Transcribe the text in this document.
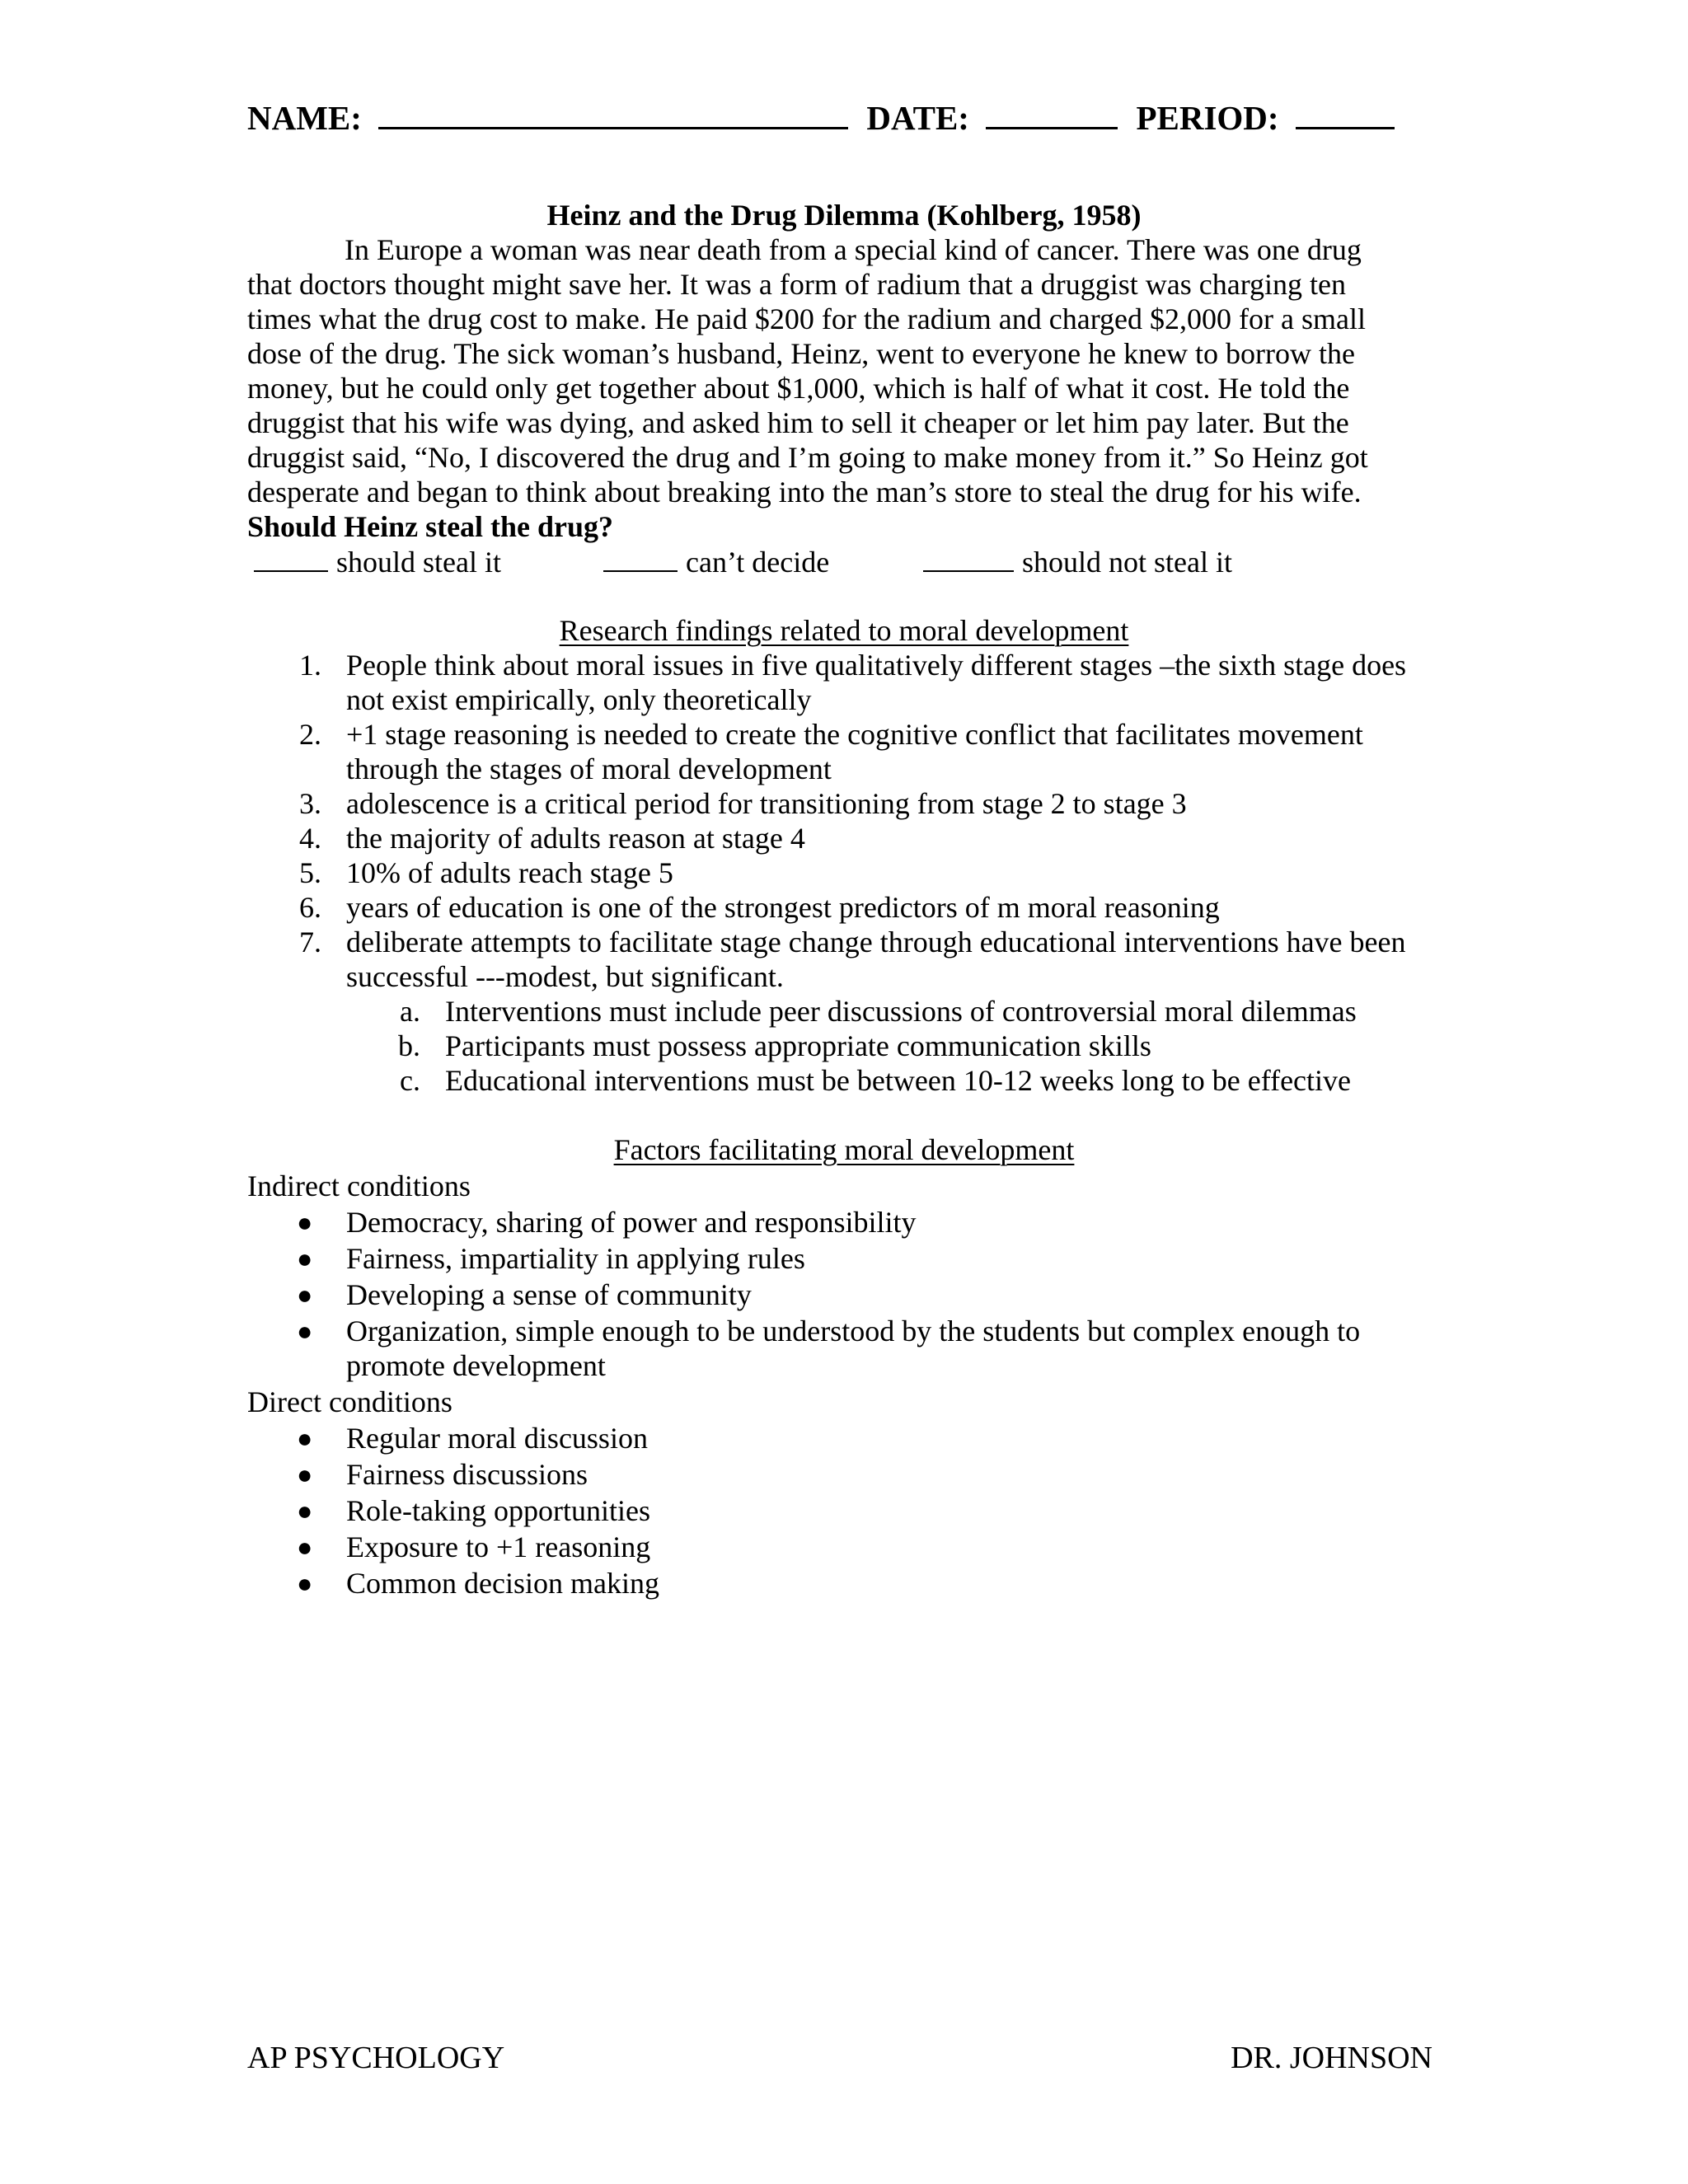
NAME:	DATE:	PERIOD:
Heinz and the Drug Dilemma (Kohlberg, 1958)
In Europe a woman was near death from a special kind of cancer. There was one drug
that doctors thought might save her. It was a form of radium that a druggist was charging ten
times what the drug cost to make. He paid $200 for the radium and charged $2,000 for a small
dose of the drug. The sick woman’s husband, Heinz, went to everyone he knew to borrow the
money, but he could only get together about $1,000, which is half of what it cost. He told the
druggist that his wife was dying, and asked him to sell it cheaper or let him pay later. But the
druggist said, “No, I discovered the drug and I’m going to make money from it.” So Heinz got
desperate and began to think about breaking into the man’s store to steal the drug for his wife.
Should Heinz steal the drug?
should steal it	can’t decide	should not steal it
Research findings related to moral development
1. People think about moral issues in five qualitatively different stages –the sixth stage does
not exist empirically, only theoretically
2. +1 stage reasoning is needed to create the cognitive conflict that facilitates movement
through the stages of moral development
3. adolescence is a critical period for transitioning from stage 2 to stage 3
4. the majority of adults reason at stage 4
5. 10% of adults reach stage 5
6. years of education is one of the strongest predictors of m moral reasoning
7. deliberate attempts to facilitate stage change through educational interventions have been
successful ---modest, but significant.
a. Interventions must include peer discussions of controversial moral dilemmas
b. Participants must possess appropriate communication skills
c. Educational interventions must be between 10-12 weeks long to be effective
Factors facilitating moral development
Indirect conditions
● Democracy, sharing of power and responsibility
● Fairness, impartiality in applying rules
● Developing a sense of community
● Organization, simple enough to be understood by the students but complex enough to
promote development
Direct conditions
● Regular moral discussion
● Fairness discussions
● Role-taking opportunities
● Exposure to +1 reasoning
● Common decision making
AP PSYCHOLOGY	DR. JOHNSON
